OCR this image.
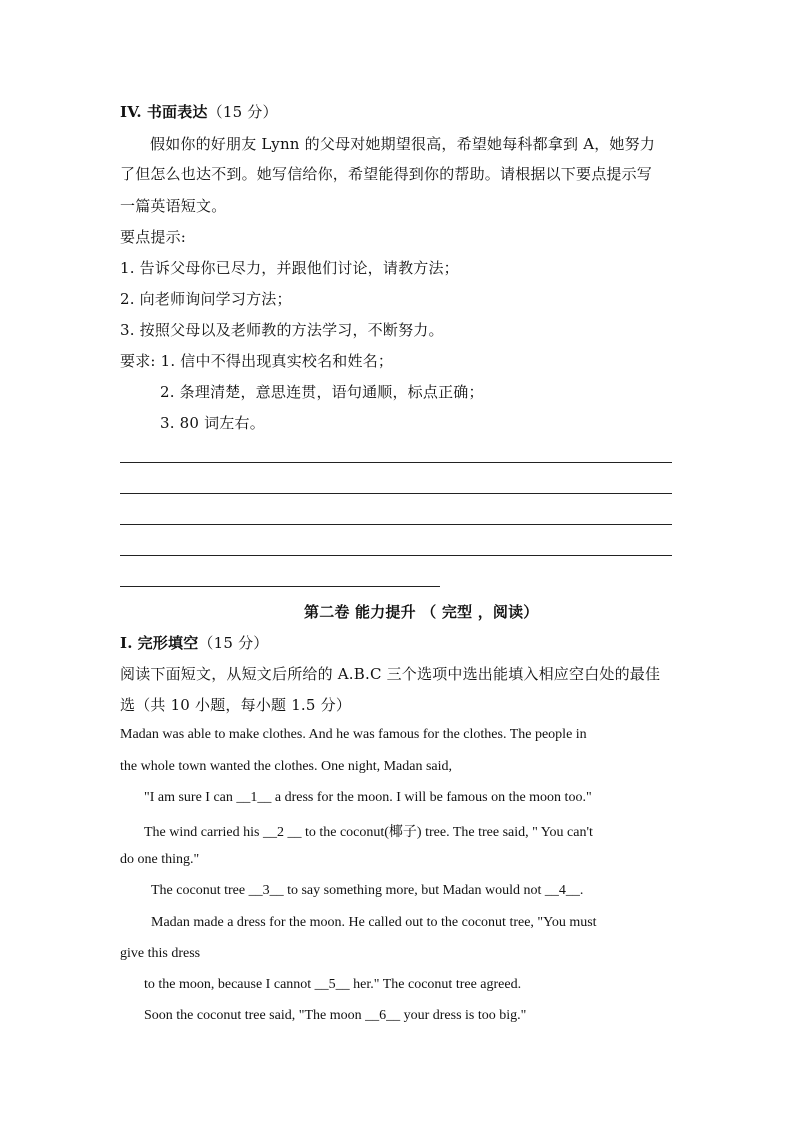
IV. 书面表达（15 分）
假如你的好朋友 Lynn 的父母对她期望很高，希望她每科都拿到 A，她努力
了但怎么也达不到。她写信给你，希望能得到你的帮助。请根据以下要点提示写
一篇英语短文。
要点提示:
1. 告诉父母你已尽力，并跟他们讨论，请教方法；
2. 向老师询问学习方法；
3. 按照父母以及老师教的方法学习，不断努力。
要求: 1. 信中不得出现真实校名和姓名；
2. 条理清楚，意思连贯，语句通顺，标点正确；
3. 80 词左右。
第二卷 能力提升 （ 完型 ，阅读）
I. 完形填空（15 分）
阅读下面短文，从短文后所给的 A.B.C 三个选项中选出能填入相应空白处的最佳
选（共 10 小题，每小题 1.5 分）
Madan was able to make clothes. And he was famous for the clothes. The people in
the whole town wanted the clothes. One night, Madan said,
"I am sure I can __1__ a dress for the moon. I will be famous on the moon too."
The wind carried his __2 __ to the coconut(椰子) tree. The tree said, " You can't
do one thing."
The coconut tree __3__ to say something more, but Madan would not __4__.
Madan made a dress for the moon. He called out to the coconut tree, "You must
give this dress
to the moon, because I cannot __5__ her." The coconut tree agreed.
Soon the coconut tree said, "The moon __6__ your dress is too big."
